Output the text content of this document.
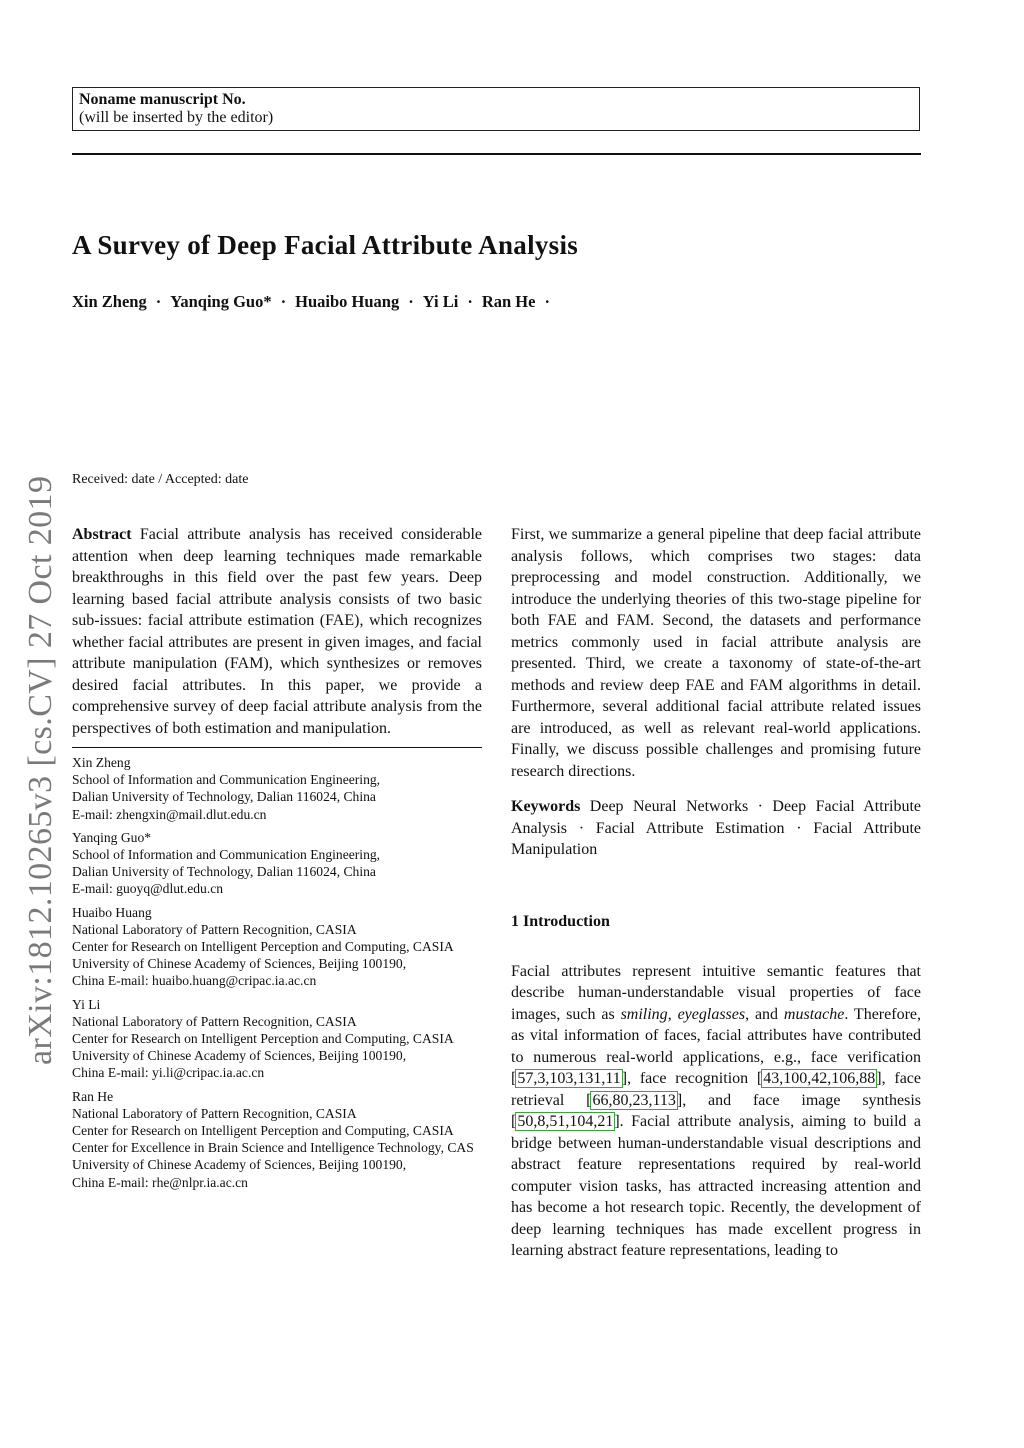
Noname manuscript No.
(will be inserted by the editor)
A Survey of Deep Facial Attribute Analysis
Xin Zheng · Yanqing Guo* · Huaibo Huang · Yi Li · Ran He ·
arXiv:1812.10265v3 [cs.CV] 27 Oct 2019 Received: date / Accepted: date

Abstract Facial attribute analysis has received considerable attention when deep learning techniques made remarkable breakthroughs in this field over the past few years. Deep learning based facial attribute analysis consists of two basic sub-issues: facial attribute estimation (FAE), which recognizes whether facial attributes are present in given images, and facial attribute manipulation (FAM), which synthesizes or removes desired facial attributes. In this paper, we provide a comprehensive survey of deep facial attribute analysis from the perspectives of both estimation and manipulation.

Xin Zheng

School of Information and Communication Engineering,

Dalian University of Technology, Dalian 116024, China

E-mail: zhengxin@mail.dlut.edu.cn

Yanqing Guo*

School of Information and Communication Engineering,

Dalian University of Technology, Dalian 116024, China

E-mail: guoyq@dlut.edu.cn

Huaibo Huang

National Laboratory of Pattern Recognition, CASIA

Center for Research on Intelligent Perception and Computing, CASIA

University of Chinese Academy of Sciences, Beijing 100190,

China E-mail: huaibo.huang@cripac.ia.ac.cn

Yi Li

National Laboratory of Pattern Recognition, CASIA

Center for Research on Intelligent Perception and Computing, CASIA

University of Chinese Academy of Sciences, Beijing 100190,

China E-mail: yi.li@cripac.ia.ac.cn

Ran He

National Laboratory of Pattern Recognition, CASIA

Center for Research on Intelligent Perception and Computing, CASIA

Center for Excellence in Brain Science and Intelligence Technology, CAS

University of Chinese Academy of Sciences, Beijing 100190,

China E-mail: rhe@nlpr.ia.ac.cn

First, we summarize a general pipeline that deep facial attribute analysis follows, which comprises two stages: data preprocessing and model construction. Additionally, we introduce the underlying theories of this two-stage pipeline for both FAE and FAM. Second, the datasets and performance metrics commonly used in facial attribute analysis are presented. Third, we create a taxonomy of state-of-the-art methods and review deep FAE and FAM algorithms in detail. Furthermore, several additional facial attribute related issues are introduced, as well as relevant real-world applications. Finally, we discuss possible challenges and promising future research directions.

Keywords Deep Neural Networks · Deep Facial Attribute Analysis · Facial Attribute Estimation · Facial Attribute Manipulation

1 Introduction

Facial attributes represent intuitive semantic features that describe human-understandable visual properties of face images, such as smiling, eyeglasses, and mustache. Therefore, as vital information of faces, facial attributes have contributed to numerous real-world applications, e.g., face verification [57,3,103,131,11], face recognition [43,100,42,106,88], face retrieval [66,80,23,113], and face image synthesis [50,8,51,104,21]. Facial attribute analysis, aiming to build a bridge between human-understandable visual descriptions and abstract feature representations required by real-world computer vision tasks, has attracted increasing attention and has become a hot research topic. Recently, the development of deep learning techniques has made excellent progress in learning abstract feature representations, leading to
